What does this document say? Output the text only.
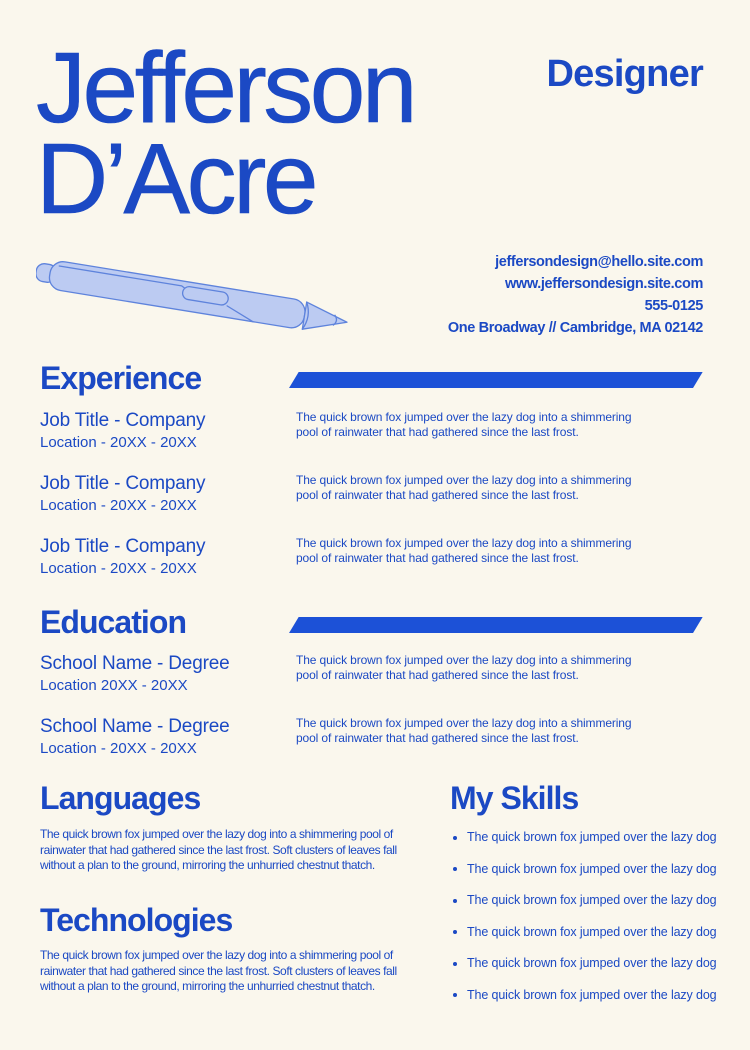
Jefferson
D’Acre
Designer
jeffersondesign@hello.site.com
www.jeffersondesign.site.com
555-0125
One Broadway // Cambridge, MA 02142
Experience
Job Title - Company
Location - 20XX - 20XX
The quick brown fox jumped over the lazy dog into a shimmering pool of rainwater that had gathered since the last frost.
Job Title - Company
Location - 20XX - 20XX
The quick brown fox jumped over the lazy dog into a shimmering pool of rainwater that had gathered since the last frost.
Job Title - Company
Location - 20XX - 20XX
The quick brown fox jumped over the lazy dog into a shimmering pool of rainwater that had gathered since the last frost.
Education
School Name - Degree
Location 20XX - 20XX
The quick brown fox jumped over the lazy dog into a shimmering pool of rainwater that had gathered since the last frost.
School Name - Degree
Location - 20XX - 20XX
The quick brown fox jumped over the lazy dog into a shimmering pool of rainwater that had gathered since the last frost.
Languages

The quick brown fox jumped over the lazy dog into a shimmering pool of rainwater that had gathered since the last frost. Soft clusters of leaves fall without a plan to the ground, mirroring the unhurried chestnut thatch.

Technologies

The quick brown fox jumped over the lazy dog into a shimmering pool of rainwater that had gathered since the last frost. Soft clusters of leaves fall without a plan to the ground, mirroring the unhurried chestnut thatch.

My Skills
The quick brown fox jumped over the lazy dog
The quick brown fox jumped over the lazy dog
The quick brown fox jumped over the lazy dog
The quick brown fox jumped over the lazy dog
The quick brown fox jumped over the lazy dog
The quick brown fox jumped over the lazy dog
